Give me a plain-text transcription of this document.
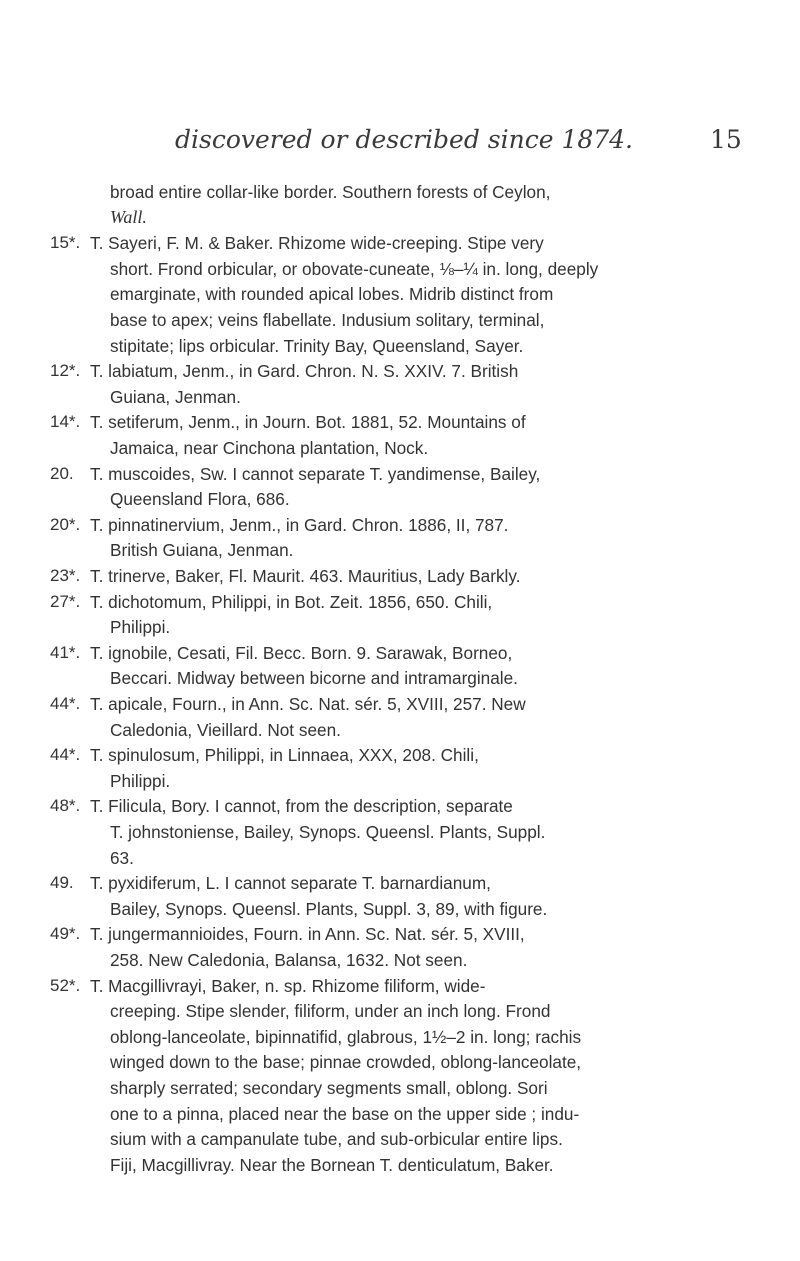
discovered or described since 1874.	15
broad entire collar-like border. Southern forests of Ceylon,
Wall.
15*. T. Sayeri, F. M. & Baker. Rhizome wide-creeping. Stipe very
short. Frond orbicular, or obovate-cuneate, ⅛–¼ in. long, deeply
emarginate, with rounded apical lobes. Midrib distinct from
base to apex; veins flabellate. Indusium solitary, terminal,
stipitate; lips orbicular. Trinity Bay, Queensland, Sayer.
12*. T. labiatum, Jenm., in Gard. Chron. N. S. XXIV. 7. British
Guiana, Jenman.
14*. T. setiferum, Jenm., in Journ. Bot. 1881, 52. Mountains of
Jamaica, near Cinchona plantation, Nock.
20. T. muscoides, Sw. I cannot separate T. yandimense, Bailey,
Queensland Flora, 686.
20*. T. pinnatinervium, Jenm., in Gard. Chron. 1886, II, 787.
British Guiana, Jenman.
23*. T. trinerve, Baker, Fl. Maurit. 463. Mauritius, Lady Barkly.
27*. T. dichotomum, Philippi, in Bot. Zeit. 1856, 650. Chili,
Philippi.
41*. T. ignobile, Cesati, Fil. Becc. Born. 9. Sarawak, Borneo,
Beccari. Midway between bicorne and intramarginale.
44*. T. apicale, Fourn., in Ann. Sc. Nat. sér. 5, XVIII, 257. New
Caledonia, Vieillard. Not seen.
44*. T. spinulosum, Philippi, in Linnaea, XXX, 208. Chili,
Philippi.
48*. T. Filicula, Bory. I cannot, from the description, separate
T. johnstoniense, Bailey, Synops. Queensl. Plants, Suppl.
63.
49. T. pyxidiferum, L. I cannot separate T. barnardianum,
Bailey, Synops. Queensl. Plants, Suppl. 3, 89, with figure.
49*. T. jungermannioides, Fourn. in Ann. Sc. Nat. sér. 5, XVIII,
258. New Caledonia, Balansa, 1632. Not seen.
52*. T. Macgillivrayi, Baker, n. sp. Rhizome filiform, wide-
creeping. Stipe slender, filiform, under an inch long. Frond
oblong-lanceolate, bipinnatifid, glabrous, 1½–2 in. long; rachis
winged down to the base; pinnae crowded, oblong-lanceolate,
sharply serrated; secondary segments small, oblong. Sori
one to a pinna, placed near the base on the upper side ; indu-
sium with a campanulate tube, and sub-orbicular entire lips.
Fiji, Macgillivray. Near the Bornean T. denticulatum, Baker.
